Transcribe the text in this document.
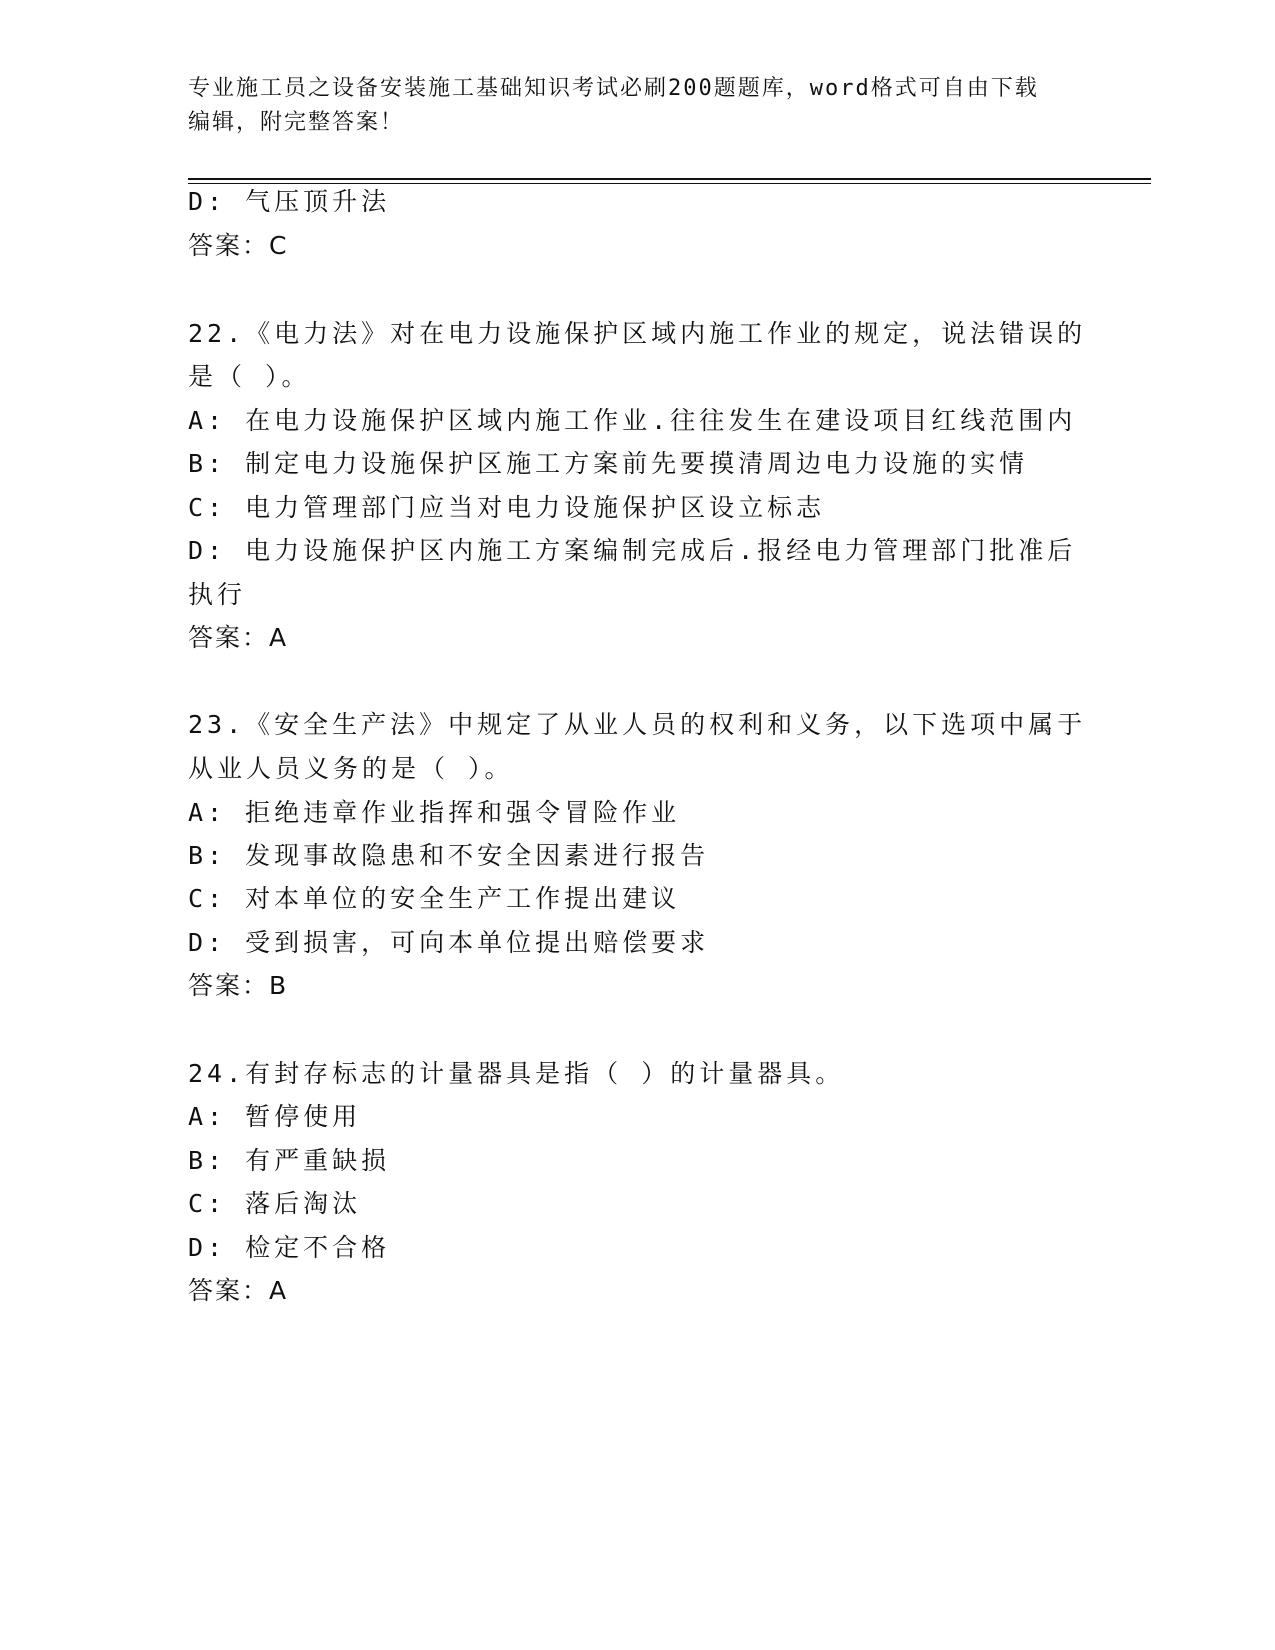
专业施工员之设备安装施工基础知识考试必刷200题题库，word格式可自由下载
编辑，附完整答案！
D: 气压顶升法
答案：C
22.《电力法》对在电力设施保护区域内施工作业的规定，说法错误的
是（ ）。
A: 在电力设施保护区域内施工作业.往往发生在建设项目红线范围内
B: 制定电力设施保护区施工方案前先要摸清周边电力设施的实情
C: 电力管理部门应当对电力设施保护区设立标志
D: 电力设施保护区内施工方案编制完成后.报经电力管理部门批准后
执行
答案：A
23.《安全生产法》中规定了从业人员的权利和义务，以下选项中属于
从业人员义务的是（ ）。
A: 拒绝违章作业指挥和强令冒险作业
B: 发现事故隐患和不安全因素进行报告
C: 对本单位的安全生产工作提出建议
D: 受到损害，可向本单位提出赔偿要求
答案：B
24.有封存标志的计量器具是指（ ）的计量器具。
A: 暂停使用
B: 有严重缺损
C: 落后淘汰
D: 检定不合格
答案：A
